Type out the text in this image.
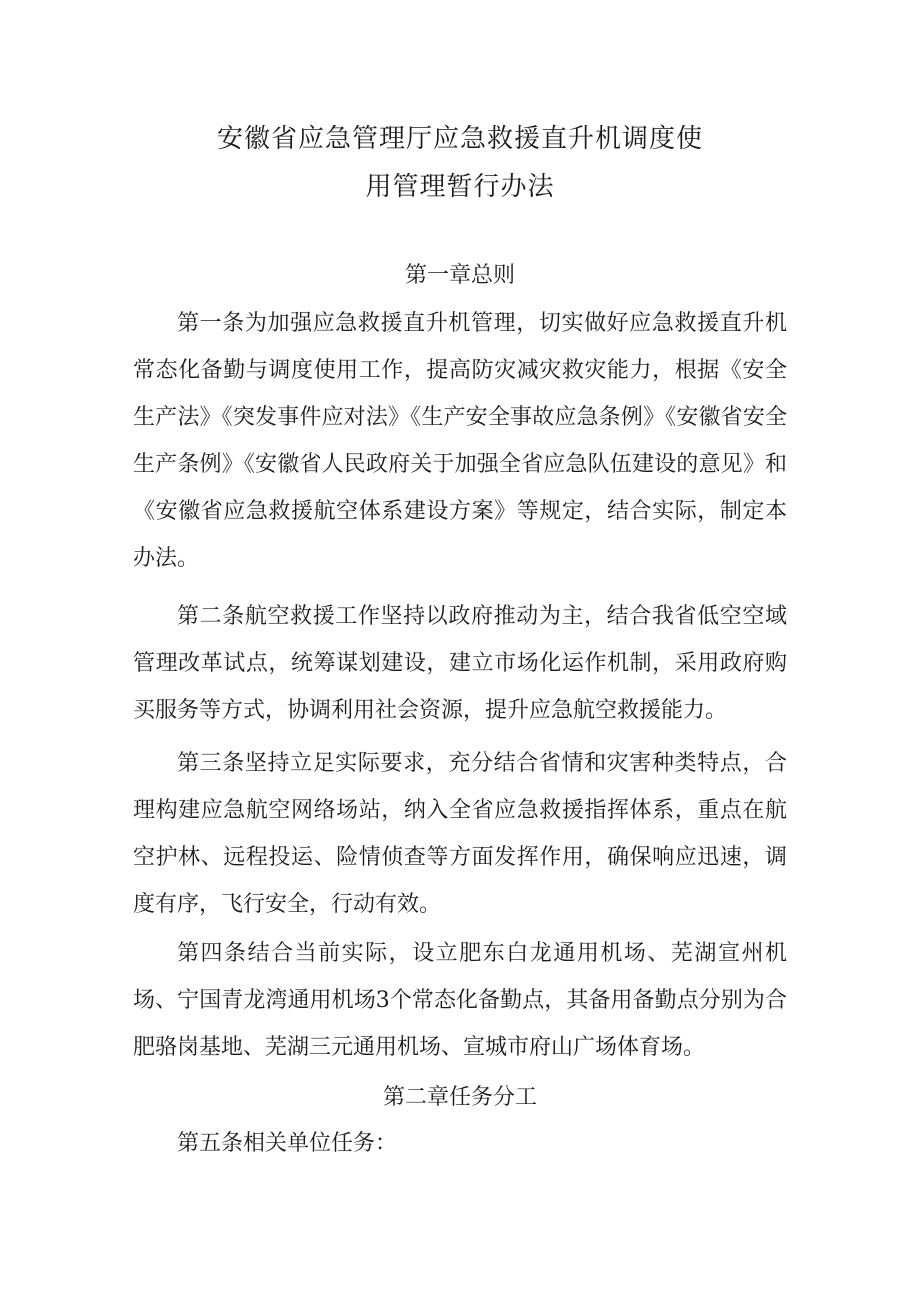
安徽省应急管理厅应急救援直升机调度使
用管理暂行办法
第一章总则

第一条为加强应急救援直升机管理，切实做好应急救援直升机常态化备勤与调度使用工作，提高防灾减灾救灾能力，根据《安全生产法》《突发事件应对法》《生产安全事故应急条例》《安徽省安全生产条例》《安徽省人民政府关于加强全省应急队伍建设的意见》和《安徽省应急救援航空体系建设方案》等规定，结合实际，制定本办法。

第二条航空救援工作坚持以政府推动为主，结合我省低空空域管理改革试点，统筹谋划建设，建立市场化运作机制，采用政府购买服务等方式，协调利用社会资源，提升应急航空救援能力。

第三条坚持立足实际要求，充分结合省情和灾害种类特点，合理构建应急航空网络场站，纳入全省应急救援指挥体系，重点在航空护林、远程投运、险情侦查等方面发挥作用，确保响应迅速，调度有序，飞行安全，行动有效。

第四条结合当前实际，设立肥东白龙通用机场、芜湖宣州机场、宁国青龙湾通用机场3个常态化备勤点，其备用备勤点分别为合肥骆岗基地、芜湖三元通用机场、宣城市府山广场体育场。

第二章任务分工

第五条相关单位任务：
